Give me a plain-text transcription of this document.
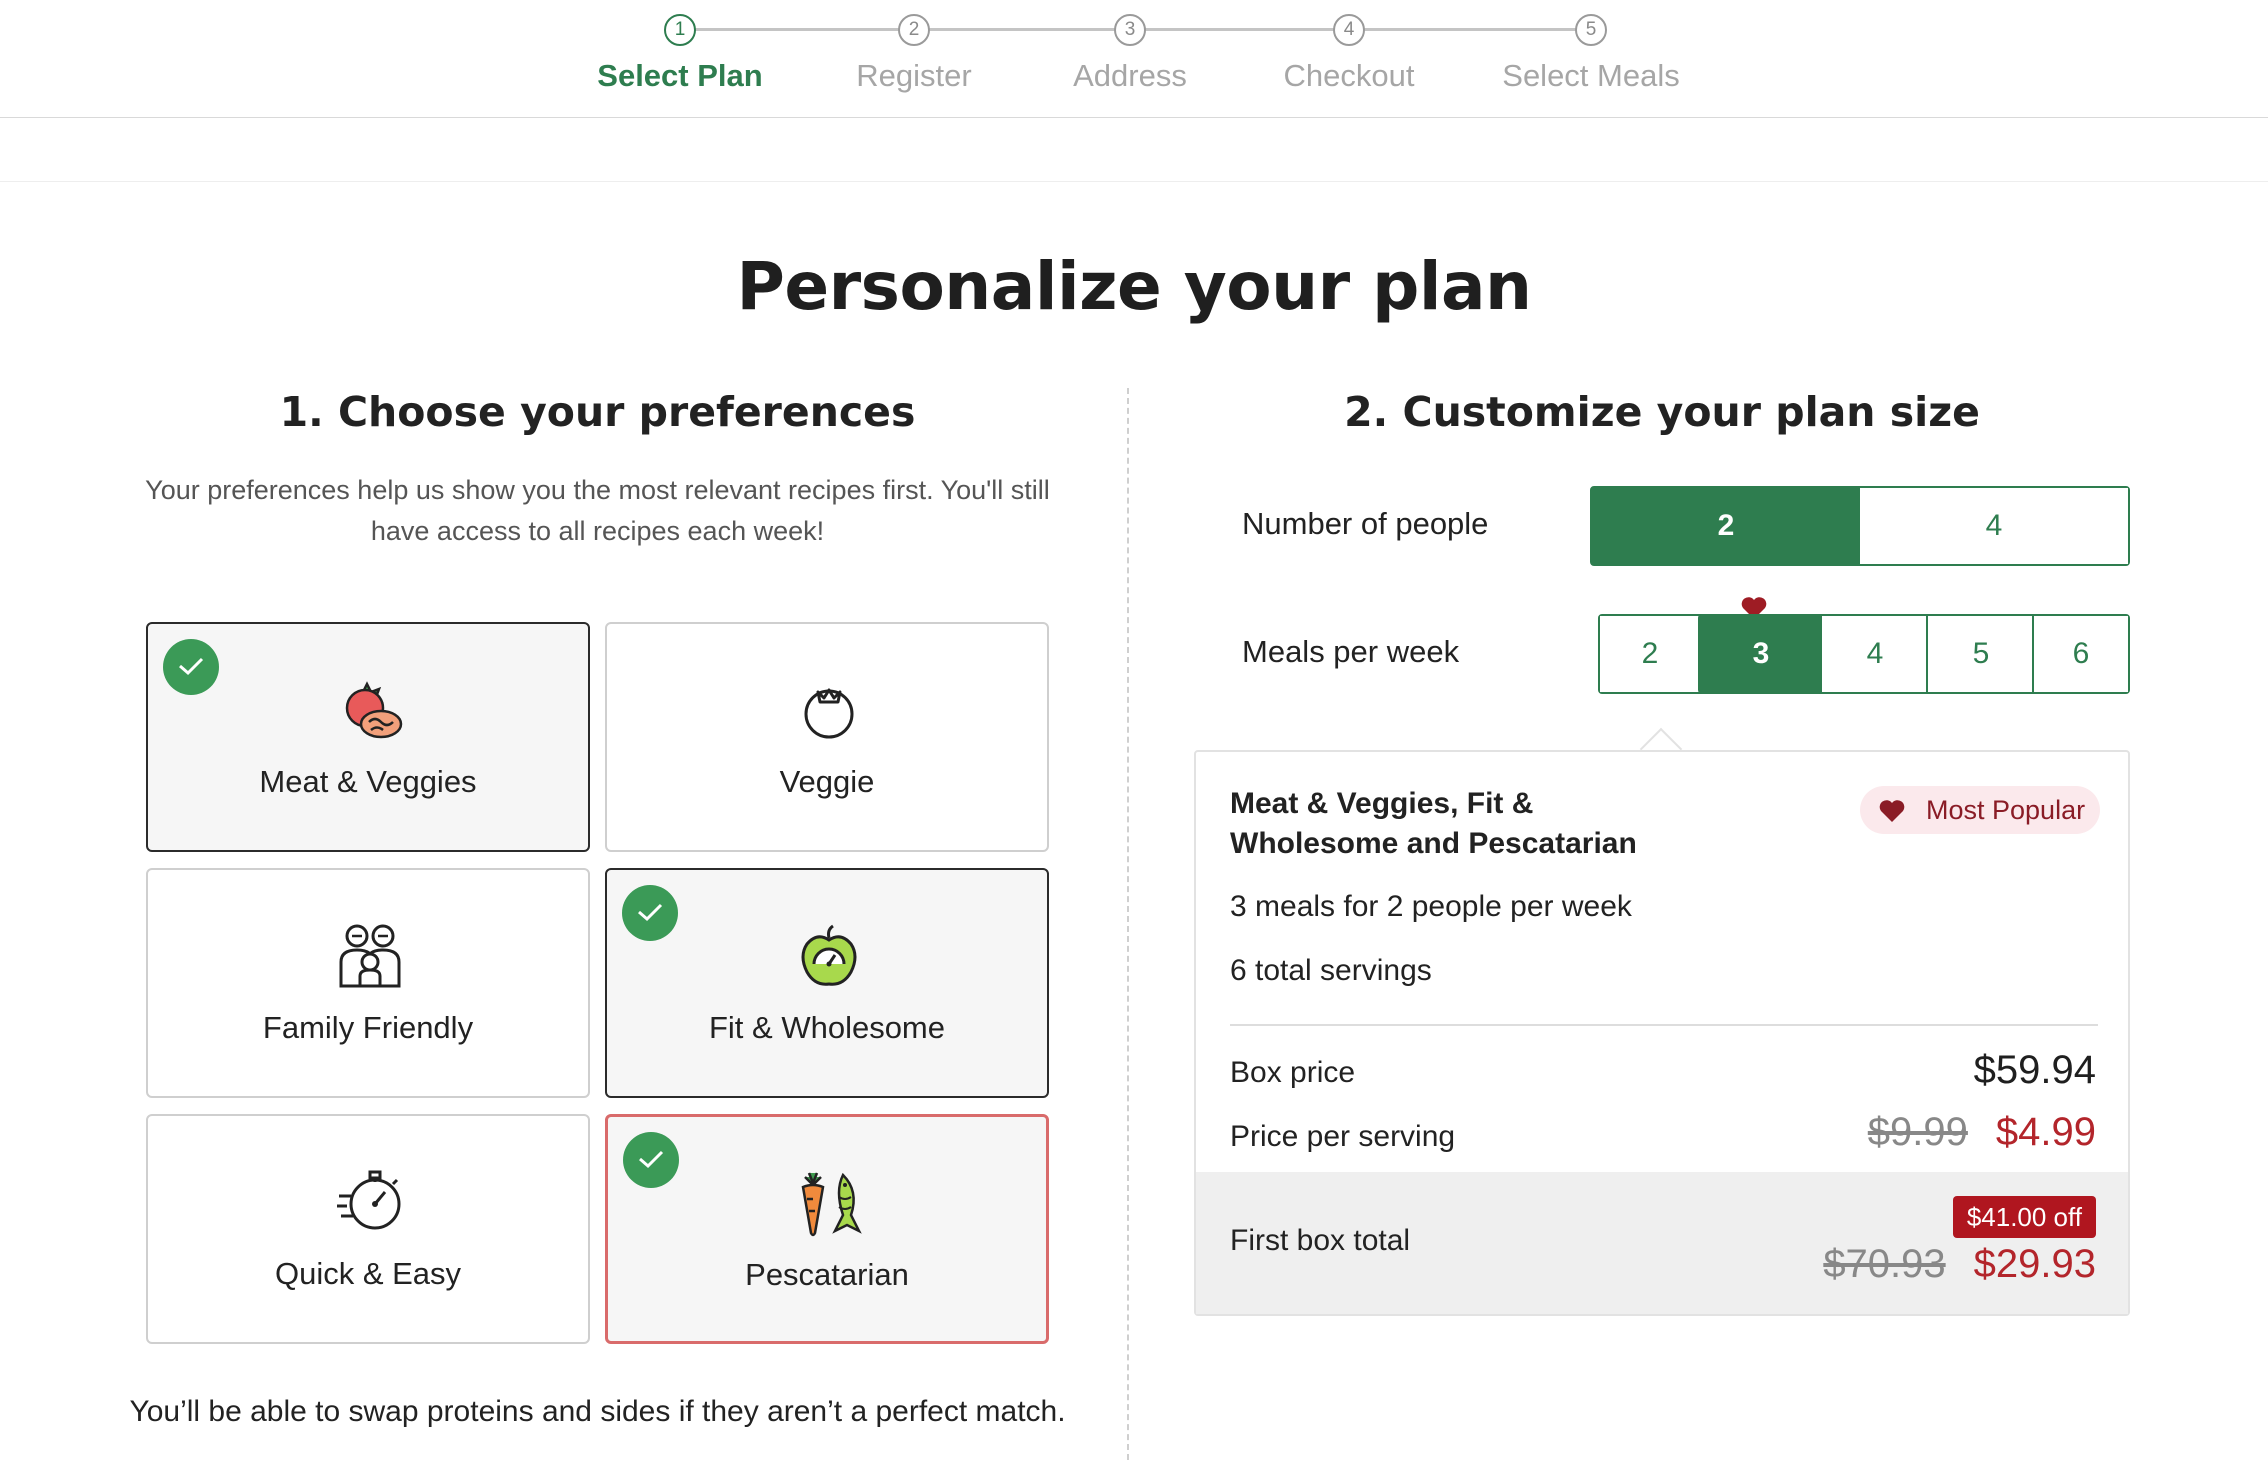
1
Select Plan
2
Register
3
Address
4
Checkout
5
Select Meals
Personalize your plan
1. Choose your preferences

Your preferences help us show you the most relevant recipes first. You'll still have access to all recipes each week!

Meat & Veggies	Veggie
Family Friendly	Fit & Wholesome
Quick & Easy	Pescatarian

You’ll be able to swap proteins and sides if they aren’t a perfect match.

2. Customize your plan size
Number of people	2	4
Meals per week	2	3	4	5	6
Meat & Veggies, Fit & Wholesome and Pescatarian
Most Popular
3 meals for 2 people per week
6 total servings
Box price	$59.94
Price per serving	$9.99 $4.99
First box total
$41.00 off
$70.93 $29.93
